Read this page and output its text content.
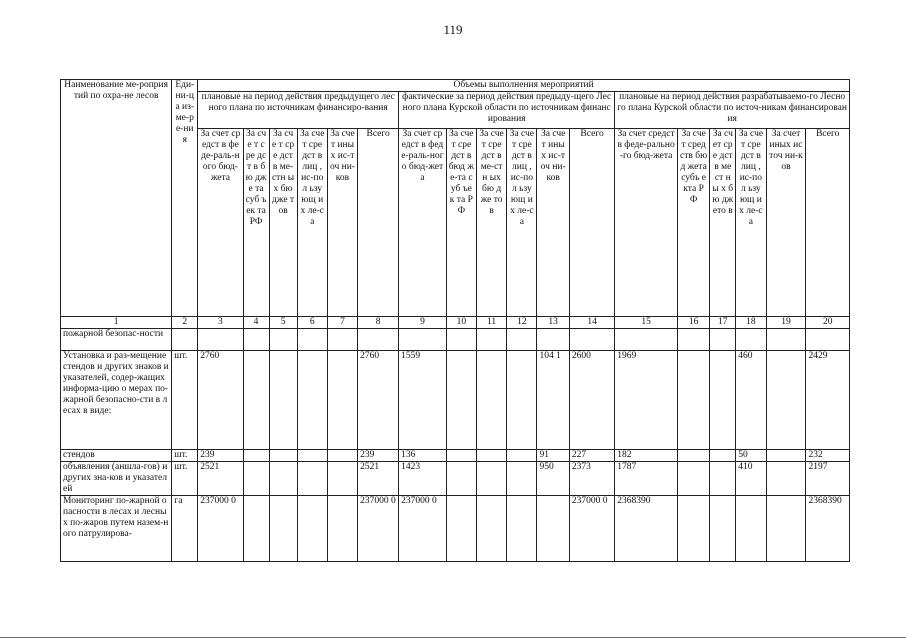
119
Наименование ме-роприятий по охра-не лесов	Еди-ни-ца из-ме-ре-ния	Объемы выполнения мероприятий																	
		плановые на период действия предыдущего лесного плана по источникам финансиро-вания						фактические за период действия предыду-щего Лесного плана Курской области по источникам финансирования						плановые на период действия разрабатываемо-го Лесного плана Курской области по источ-никам финансирования					
		За счет средст в феде-раль-ного бюд-жета	За сче т сре дст в бю дже та суб ъек та РФ	За сче т сре дст в ме-стн ых бю дже тов	За сче т сре дст в лиц , ис-пол ьзу ющ их ле-са	За сче т ины х ис-точ ни-ков	Всего	За счет средст в феде-раль-ного бюд-жета	За счет сре дст в бюд же-та суб ъек та РФ	За сче т сре дст в ме-стн ых бю дже тов	За сче т сре дст в лиц , ис-пол ьзу ющ их ле-са	За сче т ины х ис-точ ни-ков	Всего	За счет средств феде-рально-го бюд-жета	За счет сред ств бюд жета субъ екта РФ	За сч ет сре дст в ме ст ны х бю дж ето в	За сче т сре дст в лиц , ис-пол ьзу ющ их ле-са	За счет иных источ ни-ков	Всего
1	2	3	4	5	6	7	8	9	10	11	12	13	14	15	16	17	18	19	20
пожарной безопас-ности																			
Установка и раз-мещение стендов и других знаков и указателей, содер-жащих информа-цию о мерах по-жарной безопасно-сти в лесах в виде:	шт.	2760					2760	1559				104 1	2600	1969			460		2429
стендов	шт.	239					239	136				91	227	182			50		232
объявления (аншла-гов) и других зна-ков и указателей	шт.	2521					2521	1423				950	2373	1787			410		2197
Мониторинг по-жарной опасности в лесах и лесных по-жаров путем назем-ного патрулирова-	га	237000 0					237000 0	237000 0					237000 0	2368390					2368390
